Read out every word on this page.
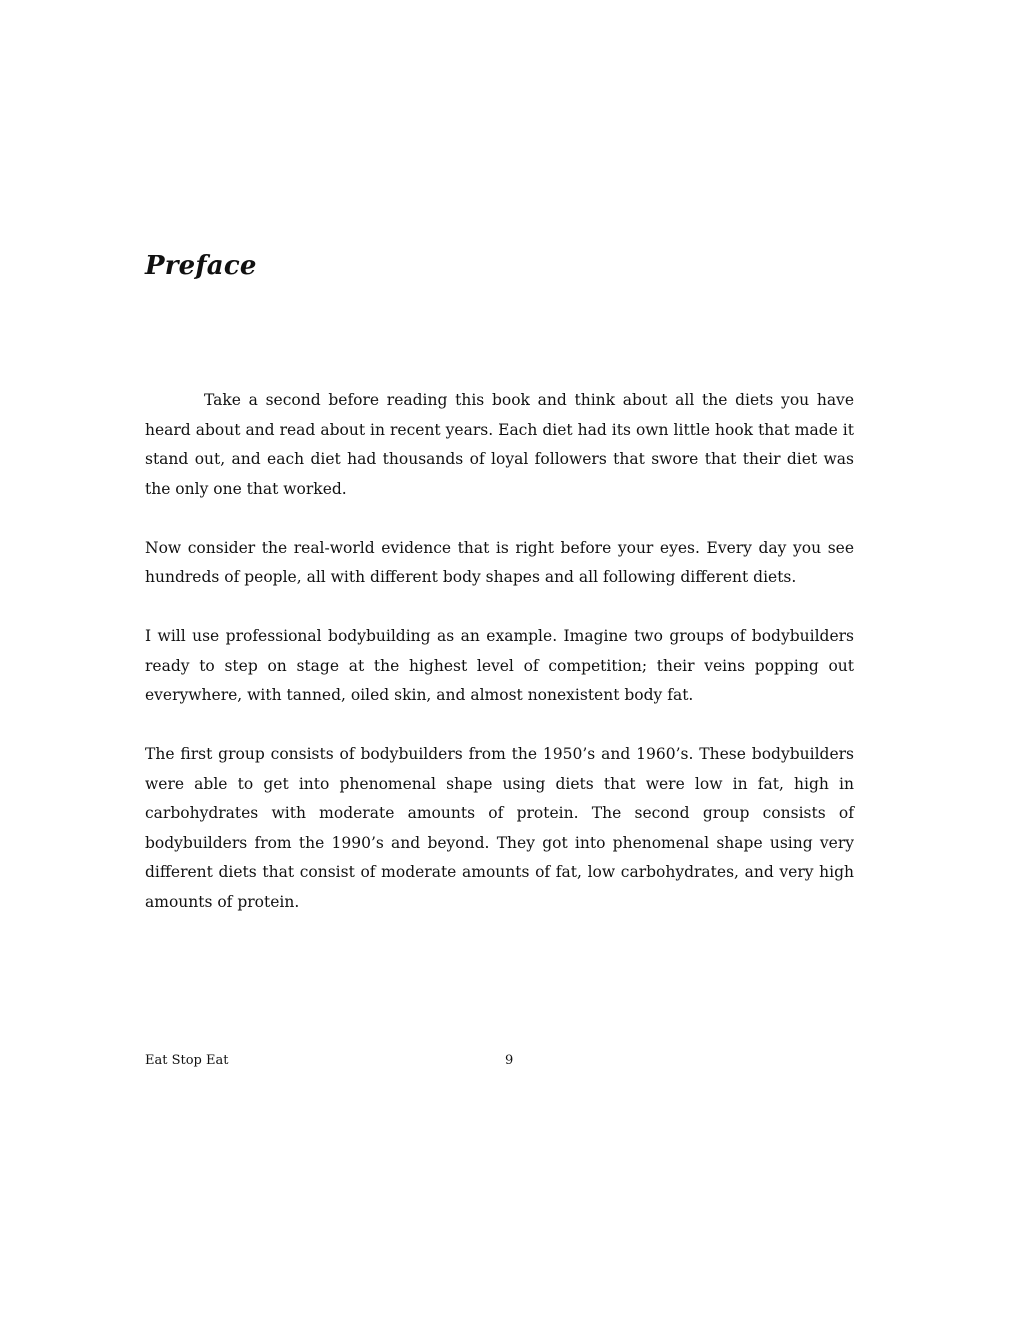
Preface

Take a second before reading this book and think about all the diets you have heard about and read about in recent years. Each diet had its own little hook that made it stand out, and each diet had thousands of loyal followers that swore that their diet was the only one that worked.

Now consider the real-world evidence that is right before your eyes. Every day you see hundreds of people, all with different body shapes and all following different diets.

I will use professional bodybuilding as an example. Imagine two groups of bodybuilders ready to step on stage at the highest level of competition; their veins popping out everywhere, with tanned, oiled skin, and almost nonexistent body fat.

The first group consists of bodybuilders from the 1950’s and 1960’s. These bodybuilders were able to get into phenomenal shape using diets that were low in fat, high in carbohydrates with moderate amounts of protein. The second group consists of bodybuilders from the 1990’s and beyond. They got into phenomenal shape using very different diets that consist of moderate amounts of fat, low carbohydrates, and very high amounts of protein.

Eat Stop Eat	9
